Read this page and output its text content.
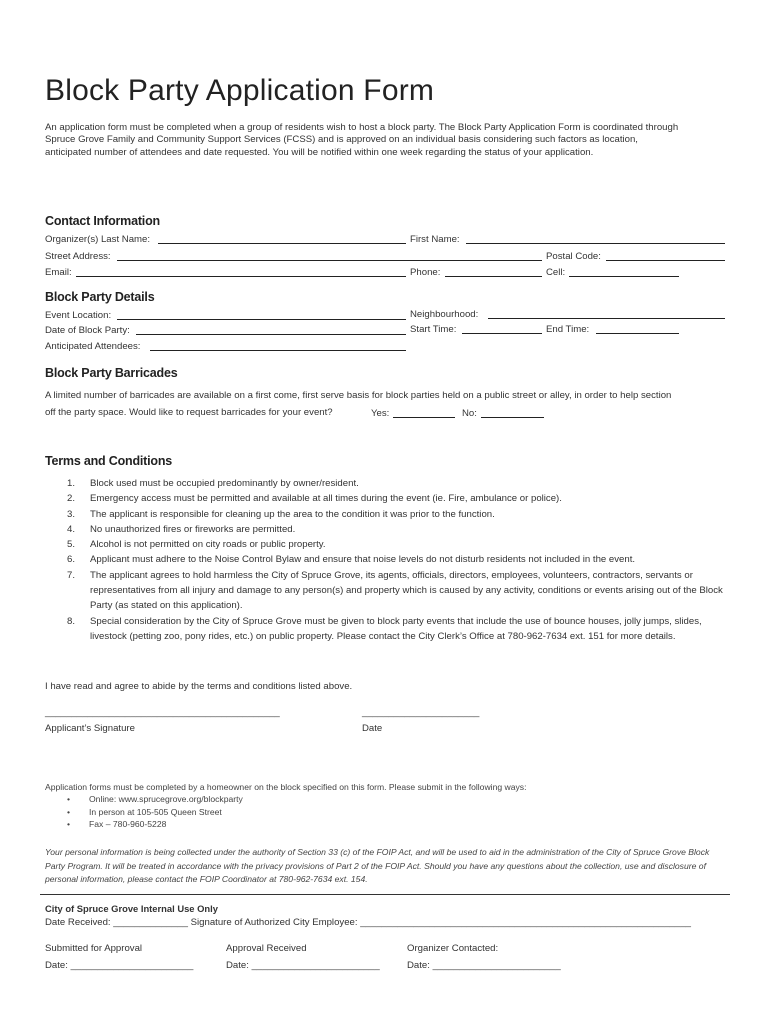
Block Party Application Form
An application form must be completed when a group of residents wish to host a block party. The Block Party Application Form is coordinated through Spruce Grove Family and Community Support Services (FCSS) and is approved on an individual basis considering such factors as location, anticipated number of attendees and date requested. You will be notified within one week regarding the status of your application.
Contact Information
Organizer(s) Last Name:	First Name:
Street Address:	Postal Code:
Email:	Phone:	Cell:
Block Party Details
Event Location:	Neighbourhood:
Date of Block Party:	Start Time:	End Time:
Anticipated Attendees:
Block Party Barricades
A limited number of barricades are available on a first come, first serve basis for block parties held on a public street or alley, in order to help section
off the party space. Would like to request barricades for your event?	Yes:	No:
Terms and Conditions
1. Block used must be occupied predominantly by owner/resident.
2. Emergency access must be permitted and available at all times during the event (ie. Fire, ambulance or police).
3. The applicant is responsible for cleaning up the area to the condition it was prior to the function.
4. No unauthorized fires or fireworks are permitted.
5. Alcohol is not permitted on city roads or public property.
6. Applicant must adhere to the Noise Control Bylaw and ensure that noise levels do not disturb residents not included in the event.
7. The applicant agrees to hold harmless the City of Spruce Grove, its agents, officials, directors, employees, volunteers, contractors, servants or representatives from all injury and damage to any person(s) and property which is caused by any activity, conditions or events arising out of the Block Party (as stated on this application).
8. Special consideration by the City of Spruce Grove must be given to block party events that include the use of bounce houses, jolly jumps, slides, livestock (petting zoo, pony rides, etc.) on public property. Please contact the City Clerk’s Office at 780-962-7634 ext. 151 for more details.
I have read and agree to abide by the terms and conditions listed above.
____________________________________________	______________________
Applicant’s Signature	Date
Application forms must be completed by a homeowner on the block specified on this form. Please submit in the following ways:
• Online: www.sprucegrove.org/blockparty
• In person at 105-505 Queen Street
• Fax – 780-960-5228
Your personal information is being collected under the authority of Section 33 (c) of the FOIP Act, and will be used to aid in the administration of the City of Spruce Grove Block Party Program. It will be treated in accordance with the privacy provisions of Part 2 of the FOIP Act. Should you have any questions about the collection, use and disclosure of personal information, please contact the FOIP Coordinator at 780-962-7634 ext. 154.
City of Spruce Grove Internal Use Only
Date Received: ______________ Signature of Authorized City Employee: ______________________________________________________________
Submitted for Approval	Approval Received	Organizer Contacted:
Date: _______________________	Date: ________________________	Date: ________________________
